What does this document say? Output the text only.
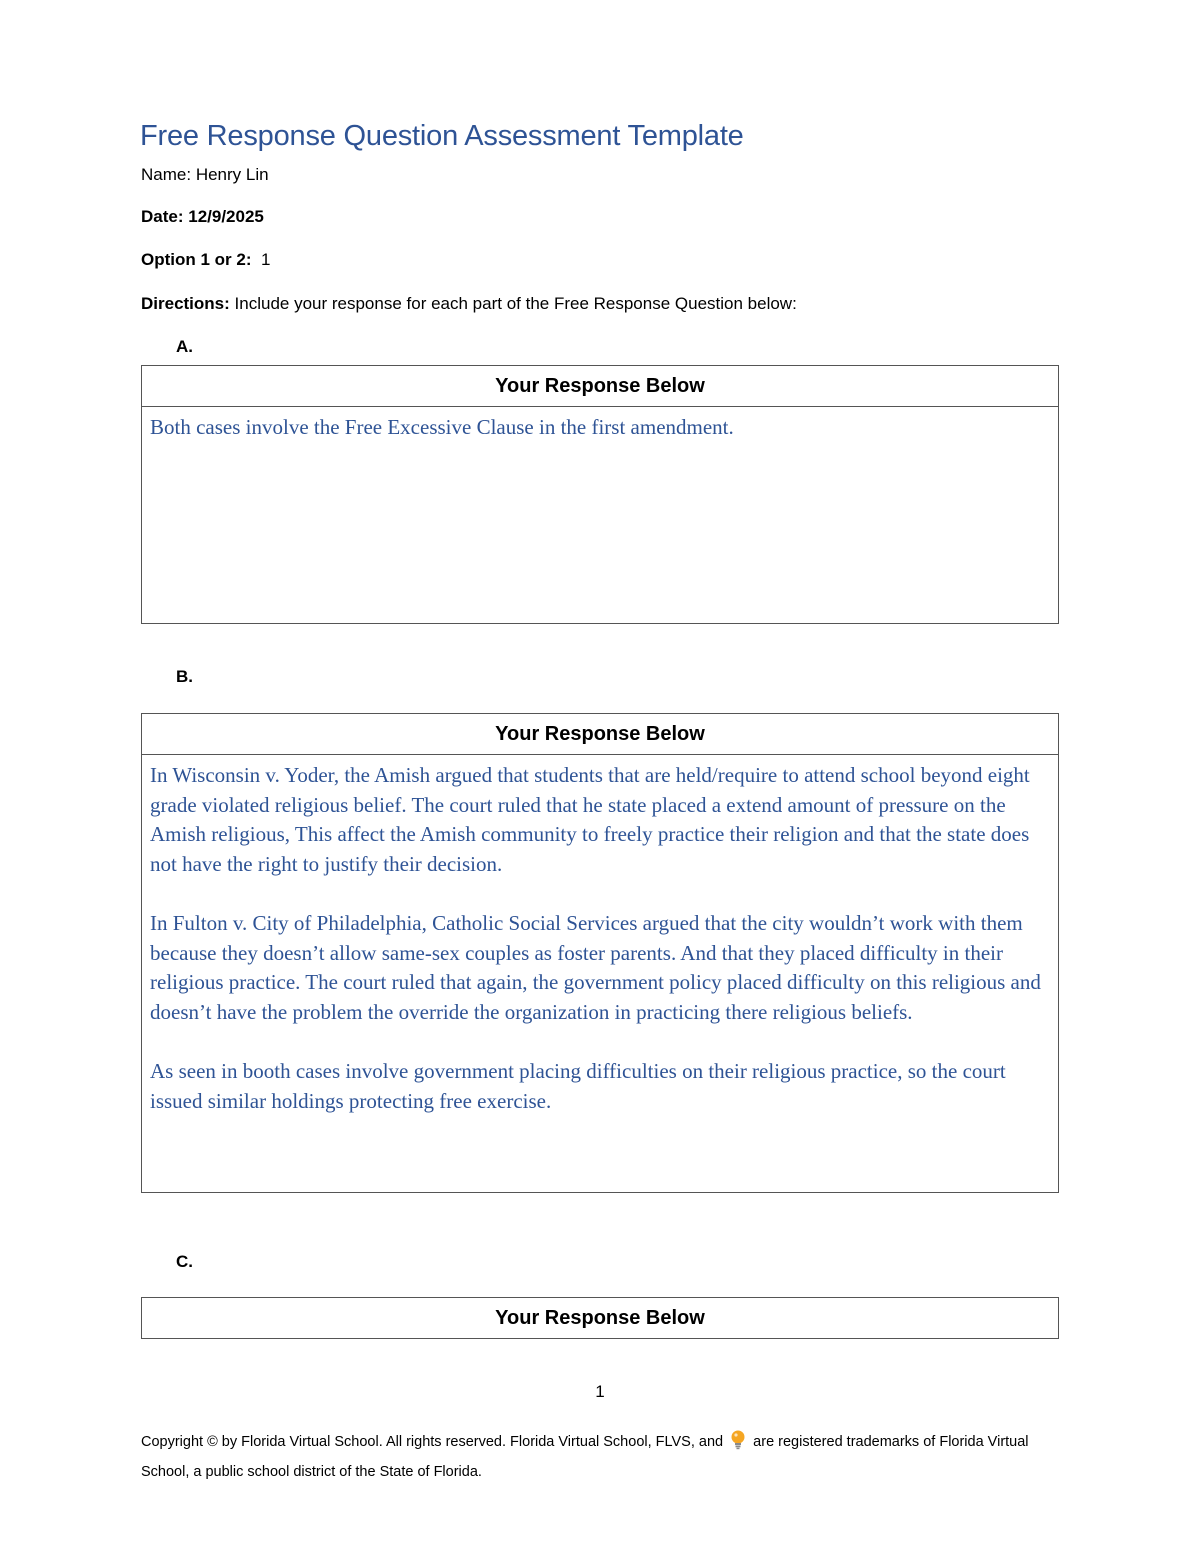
Free Response Question Assessment Template
Name: Henry Lin
Date: 12/9/2025
Option 1 or 2: 1
Directions: Include your response for each part of the Free Response Question below:
A.
Your Response Below

Both cases involve the Free Excessive Clause in the first amendment.

B.
Your Response Below

In Wisconsin v. Yoder, the Amish argued that students that are held/require to attend school beyond eight grade violated religious belief. The court ruled that he state placed a extend amount of pressure on the Amish religious, This affect the Amish community to freely practice their religion and that the state does not have the right to justify their decision.

In Fulton v. City of Philadelphia, Catholic Social Services argued that the city wouldn’t work with them because they doesn’t allow same-sex couples as foster parents. And that they placed difficulty in their religious practice. The court ruled that again, the government policy placed difficulty on this religious and doesn’t have the problem the override the organization in practicing there religious beliefs.

As seen in booth cases involve government placing difficulties on their religious practice, so the court issued similar holdings protecting free exercise.

C.
Your Response Below
1
Copyright © by Florida Virtual School. All rights reserved. Florida Virtual School, FLVS, and are registered trademarks of Florida Virtual School, a public school district of the State of Florida.
